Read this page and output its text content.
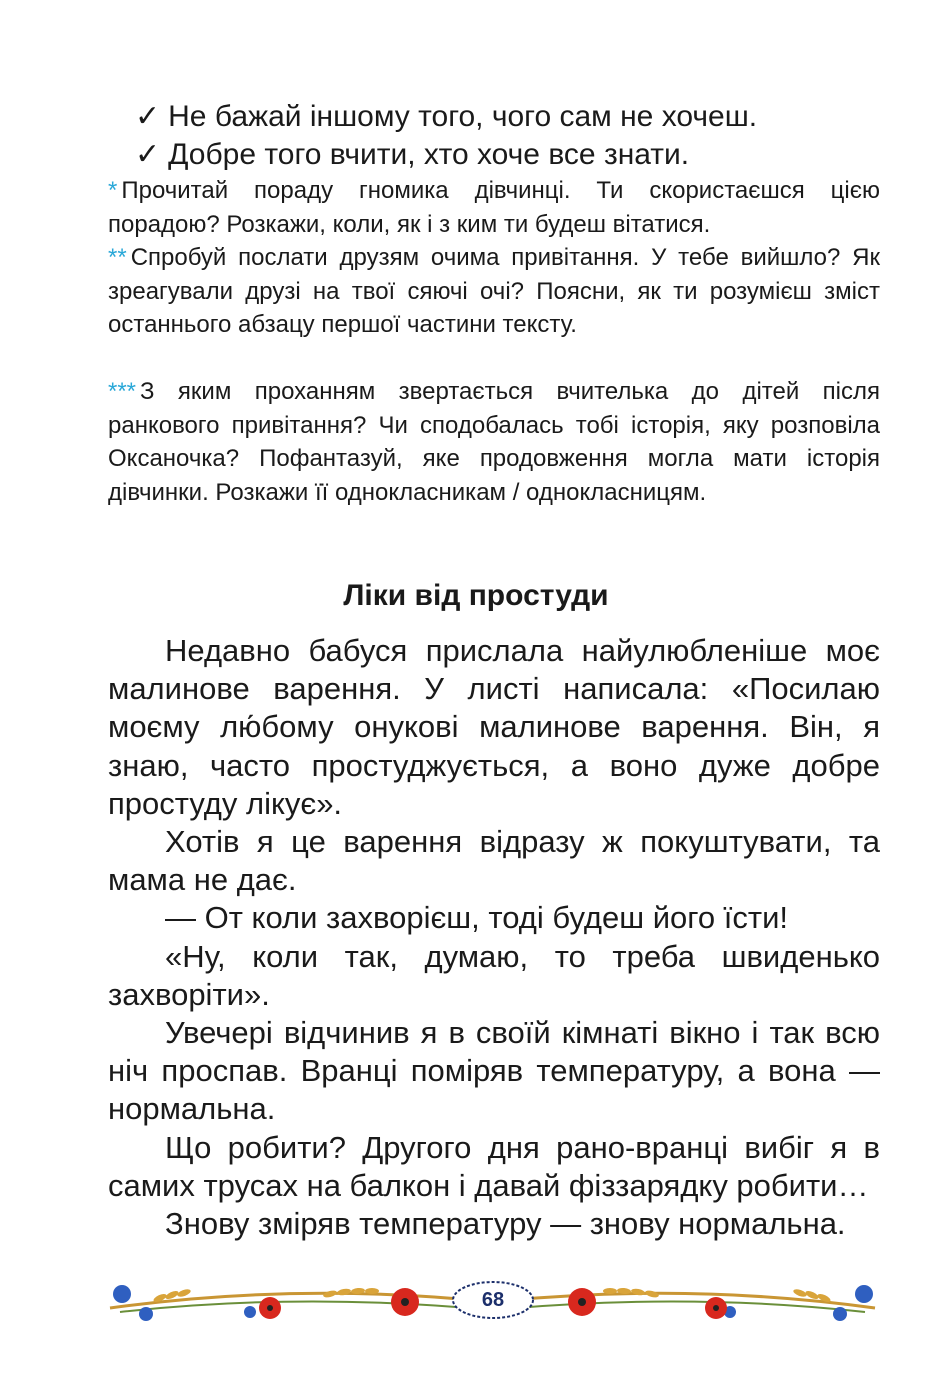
✓ Не бажай іншому того, чого сам не хочеш.
✓ Добре того вчити, хто хоче все знати.
* Прочитай пораду гномика дівчинці. Ти скористаєшся цією порадою? Розкажи, коли, як і з ким ти будеш вітатися.
** Спробуй послати друзям очима привітання. У тебе вийшло? Як зреагували друзі на твої сяючі очі? Поясни, як ти розумієш зміст останнього абзацу першої частини тексту.
*** З яким проханням звертається вчителька до дітей після ранкового привітання? Чи сподобалась тобі історія, яку розповіла Оксаночка? Пофантазуй, яке продовження могла мати історія дівчинки. Розкажи її однокласникам / однокласницям.
Ліки від простуди

Недавно бабуся прислала найулюбленіше моє малинове варення. У листі написала: «Посилаю моєму лю́бому онукові малинове варення. Він, я знаю, часто простуджується, а воно дуже добре простуду лікує».

Хотів я це варення відразу ж покуштувати, та мама не дає.

— От коли захворієш, тоді будеш його їсти!

«Ну, коли так, думаю, то треба швиденько захворіти».

Увечері відчинив я в своїй кімнаті вікно і так всю ніч проспав. Вранці поміряв температуру, а вона — нормальна.

Що робити? Другого дня рано-вранці вибіг я в самих трусах на балкон і давай фіззарядку робити…

Знову зміряв температуру — знову нормальна.

68
